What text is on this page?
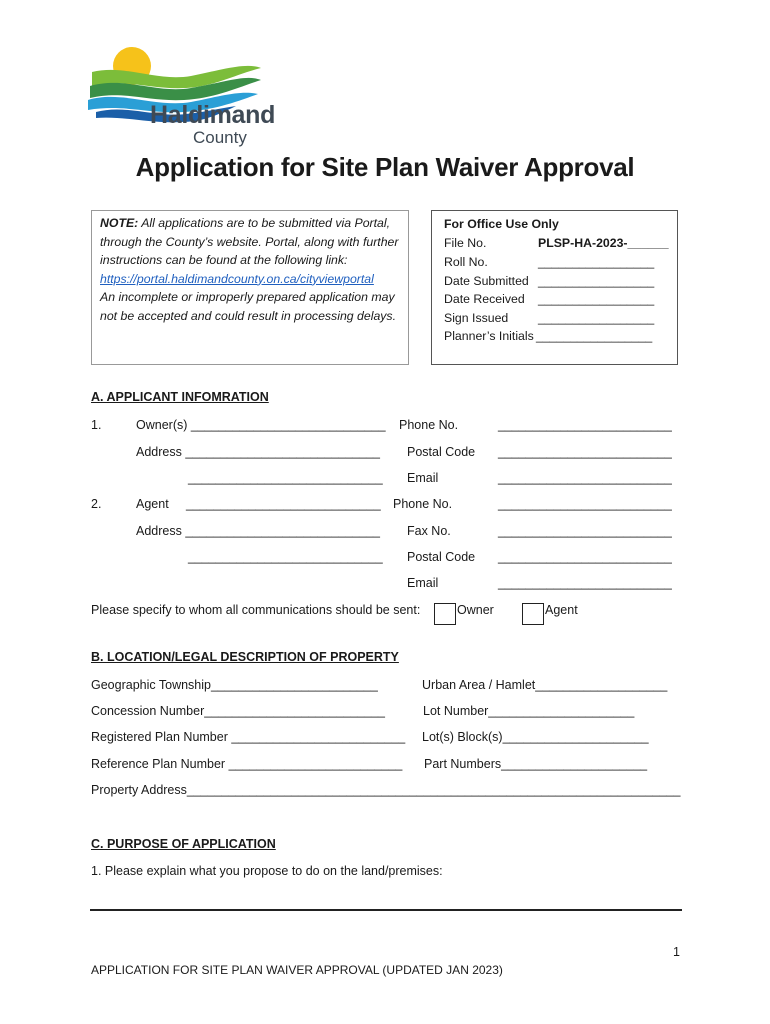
Haldimand
County
Application for Site Plan Waiver Approval
NOTE: All applications are to be submitted via Portal, through the County’s website. Portal, along with further instructions can be found at the following link:
https://portal.haldimandcounty.on.ca/cityviewportal
An incomplete or improperly prepared application may not be accepted and could result in processing delays.
For Office Use Only
File No.	PLSP-HA-2023-______
Roll No.	_________________
Date Submitted _________________
Date Received _________________
Sign Issued _________________
Planner’s Initials _________________
A. APPLICANT INFOMRATION
1.	Owner(s) ____________________________ Phone No.	_________________________
Address ____________________________ Postal Code _________________________
____________________________ Email	_________________________
2.	Agent ____________________________ Phone No.	_________________________
Address ____________________________ Fax No.	_________________________
____________________________ Postal Code _________________________
Email	_________________________
Please specify to whom all communications should be sent:	Owner	Agent
B. LOCATION/LEGAL DESCRIPTION OF PROPERTY
Geographic Township________________________	Urban Area / Hamlet___________________
Concession Number__________________________	Lot Number_____________________
Registered Plan Number _________________________ Lot(s) Block(s)_____________________
Reference Plan Number _________________________ Part Numbers_____________________
Property Address_______________________________________________________________________
C. PURPOSE OF APPLICATION
1. Please explain what you propose to do on the land/premises:
1
APPLICATION FOR SITE PLAN WAIVER APPROVAL (UPDATED JAN 2023)
